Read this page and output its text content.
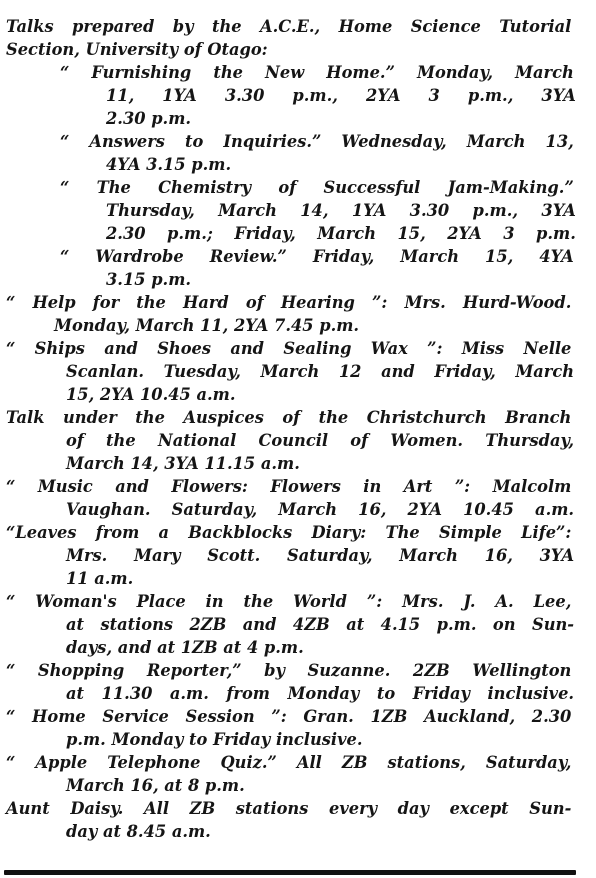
Talks prepared by the A.C.E., Home Science Tutorial
Section, University of Otago:
“ Furnishing the New Home.” Monday, March
11, 1YA 3.30 p.m., 2YA 3 p.m., 3YA
2.30 p.m.
“ Answers to Inquiries.” Wednesday, March 13,
4YA 3.15 p.m.
“ The Chemistry of Successful Jam-Making.”
Thursday, March 14, 1YA 3.30 p.m., 3YA
2.30 p.m.; Friday, March 15, 2YA 3 p.m.
“ Wardrobe Review.” Friday, March 15, 4YA
3.15 p.m.
“ Help for the Hard of Hearing ”: Mrs. Hurd-Wood.
Monday, March 11, 2YA 7.45 p.m.
“ Ships and Shoes and Sealing Wax ”: Miss Nelle
Scanlan. Tuesday, March 12 and Friday, March
15, 2YA 10.45 a.m.
Talk under the Auspices of the Christchurch Branch
of the National Council of Women. Thursday,
March 14, 3YA 11.15 a.m.
“ Music and Flowers: Flowers in Art ”: Malcolm
Vaughan. Saturday, March 16, 2YA 10.45 a.m.
“Leaves from a Backblocks Diary: The Simple Life”:
Mrs. Mary Scott. Saturday, March 16, 3YA
11 a.m.
“ Woman's Place in the World ”: Mrs. J. A. Lee,
at stations 2ZB and 4ZB at 4.15 p.m. on Sun-
days, and at 1ZB at 4 p.m.
“ Shopping Reporter,” by Suzanne. 2ZB Wellington
at 11.30 a.m. from Monday to Friday inclusive.
“ Home Service Session ”: Gran. 1ZB Auckland, 2.30
p.m. Monday to Friday inclusive.
“ Apple Telephone Quiz.” All ZB stations, Saturday,
March 16, at 8 p.m.
Aunt Daisy. All ZB stations every day except Sun-
day at 8.45 a.m.
